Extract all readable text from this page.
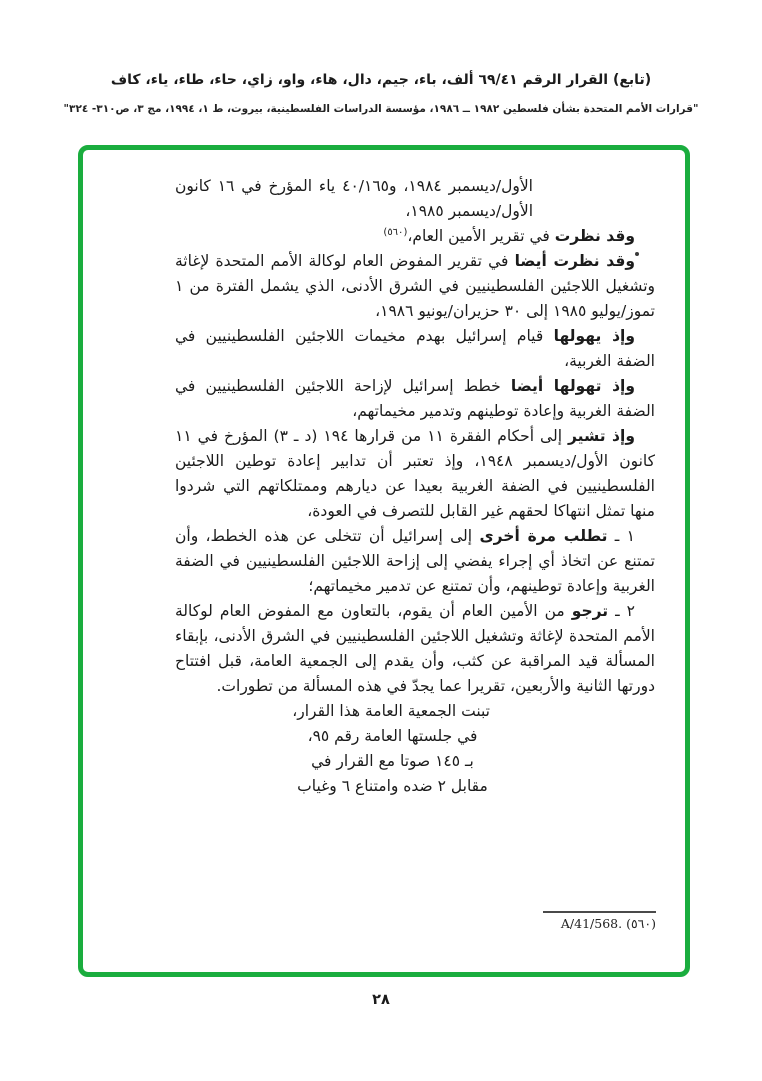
(تابع) القرار الرقم ٦٩/٤١ ألف، باء، جيم، دال، هاء، واو، زاي، حاء، طاء، ياء، كاف
"قرارات الأمم المتحدة بشأن فلسطين ١٩٨٢ ــ ١٩٨٦، مؤسسة الدراسات الفلسطينية، بيروت، ط ١، ١٩٩٤، مج ٣، ص٣١٠- ٣٢٤"
الأول/ديسمبر ١٩٨٤، و٤٠/١٦٥ ياء المؤرخ في ١٦ كانون
الأول/ديسمبر ١٩٨٥،

وقد نظرت في تقرير الأمين العام،$^{(٥٦٠)}$

وقد نظرت أيضا في تقرير المفوض العام لوكالة الأمم المتحدة لإغاثة وتشغيل اللاجئين الفلسطينيين في الشرق الأدنى، الذي يشمل الفترة من ١ تموز/يوليو ١٩٨٥ إلى ٣٠ حزيران/يونيو ١٩٨٦،

وإذ يهولها قيام إسرائيل بهدم مخيمات اللاجئين الفلسطينيين في الضفة الغربية،

وإذ تهولها أيضا خطط إسرائيل لإزاحة اللاجئين الفلسطينيين في الضفة الغربية وإعادة توطينهم وتدمير مخيماتهم،

وإذ تشير إلى أحكام الفقرة ١١ من قرارها ١٩٤ (د ـ ٣) المؤرخ في ١١ كانون الأول/ديسمبر ١٩٤٨، وإذ تعتبر أن تدابير إعادة توطين اللاجئين الفلسطينيين في الضفة الغربية بعيدا عن ديارهم وممتلكاتهم التي شردوا منها تمثل انتهاكا لحقهم غير القابل للتصرف في العودة،

١ ـ تطلب مرة أخرى إلى إسرائيل أن تتخلى عن هذه الخطط، وأن تمتنع عن اتخاذ أي إجراء يفضي إلى إزاحة اللاجئين الفلسطينيين في الضفة الغربية وإعادة توطينهم، وأن تمتنع عن تدمير مخيماتهم؛

٢ ـ ترجو من الأمين العام أن يقوم، بالتعاون مع المفوض العام لوكالة الأمم المتحدة لإغاثة وتشغيل اللاجئين الفلسطينيين في الشرق الأدنى، بإبقاء المسألة قيد المراقبة عن كثب، وأن يقدم إلى الجمعية العامة، قبل افتتاح دورتها الثانية والأربعين، تقريرا عما يجدّ في هذه المسألة من تطورات.

تبنت الجمعية العامة هذا القرار،
في جلستها العامة رقم ٩٥،
بـ ١٤٥ صوتا مع القرار في
مقابل ٢ ضده وامتناع ٦ وغياب
A/41/568. (٥٦٠)
٢٨
